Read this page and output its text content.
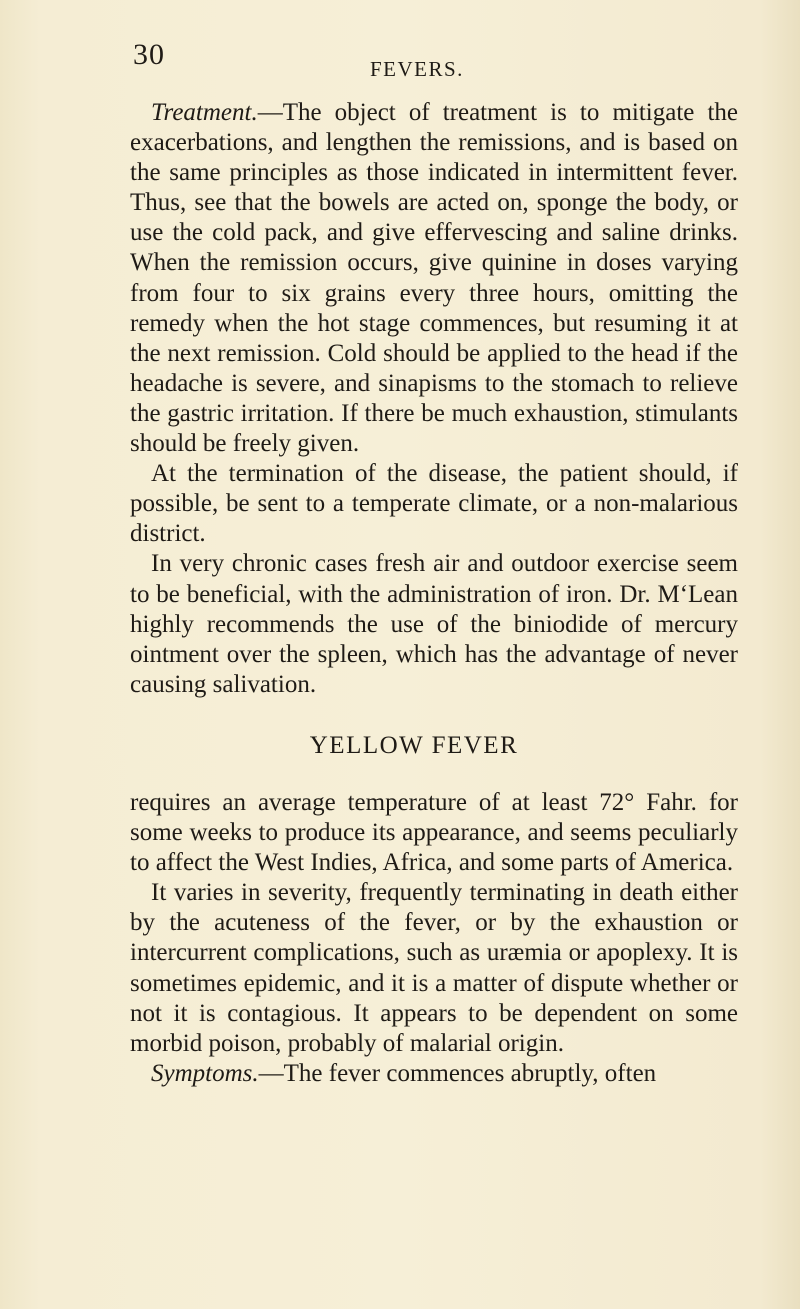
30	FEVERS.

Treatment.—The object of treatment is to mitigate the exacerbations, and lengthen the remissions, and is based on the same principles as those indicated in intermittent fever. Thus, see that the bowels are acted on, sponge the body, or use the cold pack, and give effervescing and saline drinks. When the remission occurs, give quinine in doses varying from four to six grains every three hours, omitting the remedy when the hot stage commences, but resuming it at the next remission. Cold should be applied to the head if the headache is severe, and sinapisms to the stomach to relieve the gastric irritation. If there be much exhaustion, stimulants should be freely given.

At the termination of the disease, the patient should, if possible, be sent to a temperate climate, or a non-malarious district.

In very chronic cases fresh air and outdoor exercise seem to be beneficial, with the administration of iron. Dr. M‘Lean highly recommends the use of the biniodide of mercury ointment over the spleen, which has the advantage of never causing salivation.

YELLOW FEVER

requires an average temperature of at least 72° Fahr. for some weeks to produce its appearance, and seems peculiarly to affect the West Indies, Africa, and some parts of America.

It varies in severity, frequently terminating in death either by the acuteness of the fever, or by the exhaustion or intercurrent complications, such as uræmia or apoplexy. It is sometimes epidemic, and it is a matter of dispute whether or not it is contagious. It appears to be dependent on some morbid poison, probably of malarial origin.

Symptoms.—The fever commences abruptly, often
